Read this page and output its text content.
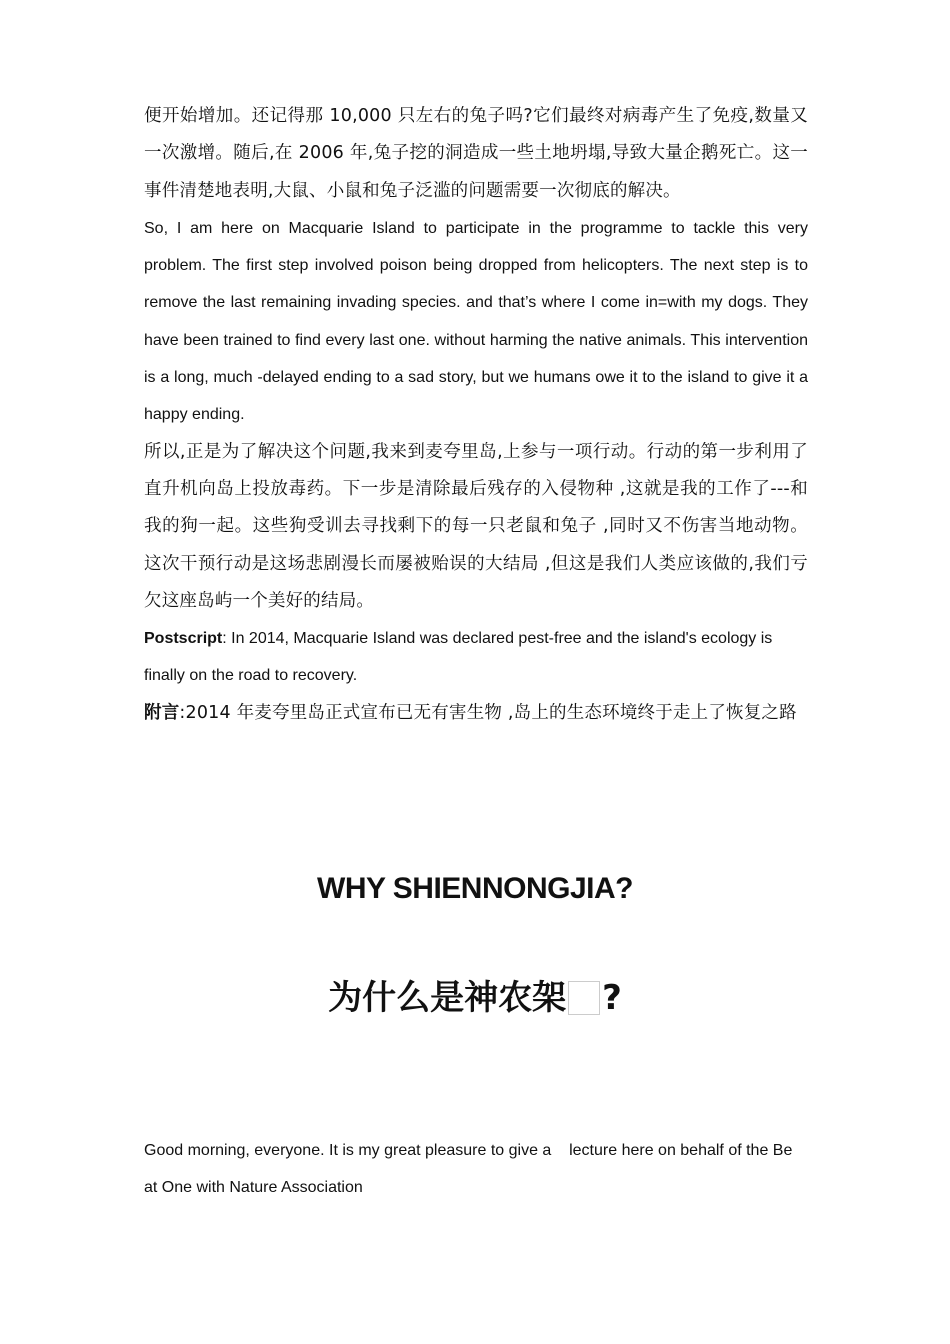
便开始增加。还记得那 10,000 只左右的兔子吗?它们最终对病毒产生了免疫,数量又一次激增。随后,在 2006 年,兔子挖的洞造成一些土地坍塌,导致大量企鹅死亡。这一事件清楚地表明,大鼠、小鼠和兔子泛滥的问题需要一次彻底的解决。

So, I am here on Macquarie Island to participate in the programme to tackle this very problem. The first step involved poison being dropped from helicopters. The next step is to remove the last remaining invading species. and that’s where I come in=with my dogs. They have been trained to find every last one. without harming the native animals. This intervention is a long, much -delayed ending to a sad story, but we humans owe it to the island to give it a happy ending.

所以,正是为了解决这个问题,我来到麦夸里岛,上参与一项行动。行动的第一步利用了直升机向岛上投放毒药。下一步是清除最后残存的入侵物种 ,这就是我的工作了---和我的狗一起。这些狗受训去寻找剩下的每一只老鼠和兔子 ,同时又不伤害当地动物。这次干预行动是这场悲剧漫长而屡被贻误的大结局 ,但这是我们人类应该做的,我们亏欠这座岛屿一个美好的结局。

Postscript: In 2014, Macquarie Island was declared pest-free and the island's ecology is finally on the road to recovery.

附言:2014 年麦夸里岛正式宣布已无有害生物 ,岛上的生态环境终于走上了恢复之路

WHY SHIENNONGJIA?
为什么是神农架 ?

Good morning, everyone. It is my great pleasure to give a    lecture here on behalf of the Be at One with Nature Association
